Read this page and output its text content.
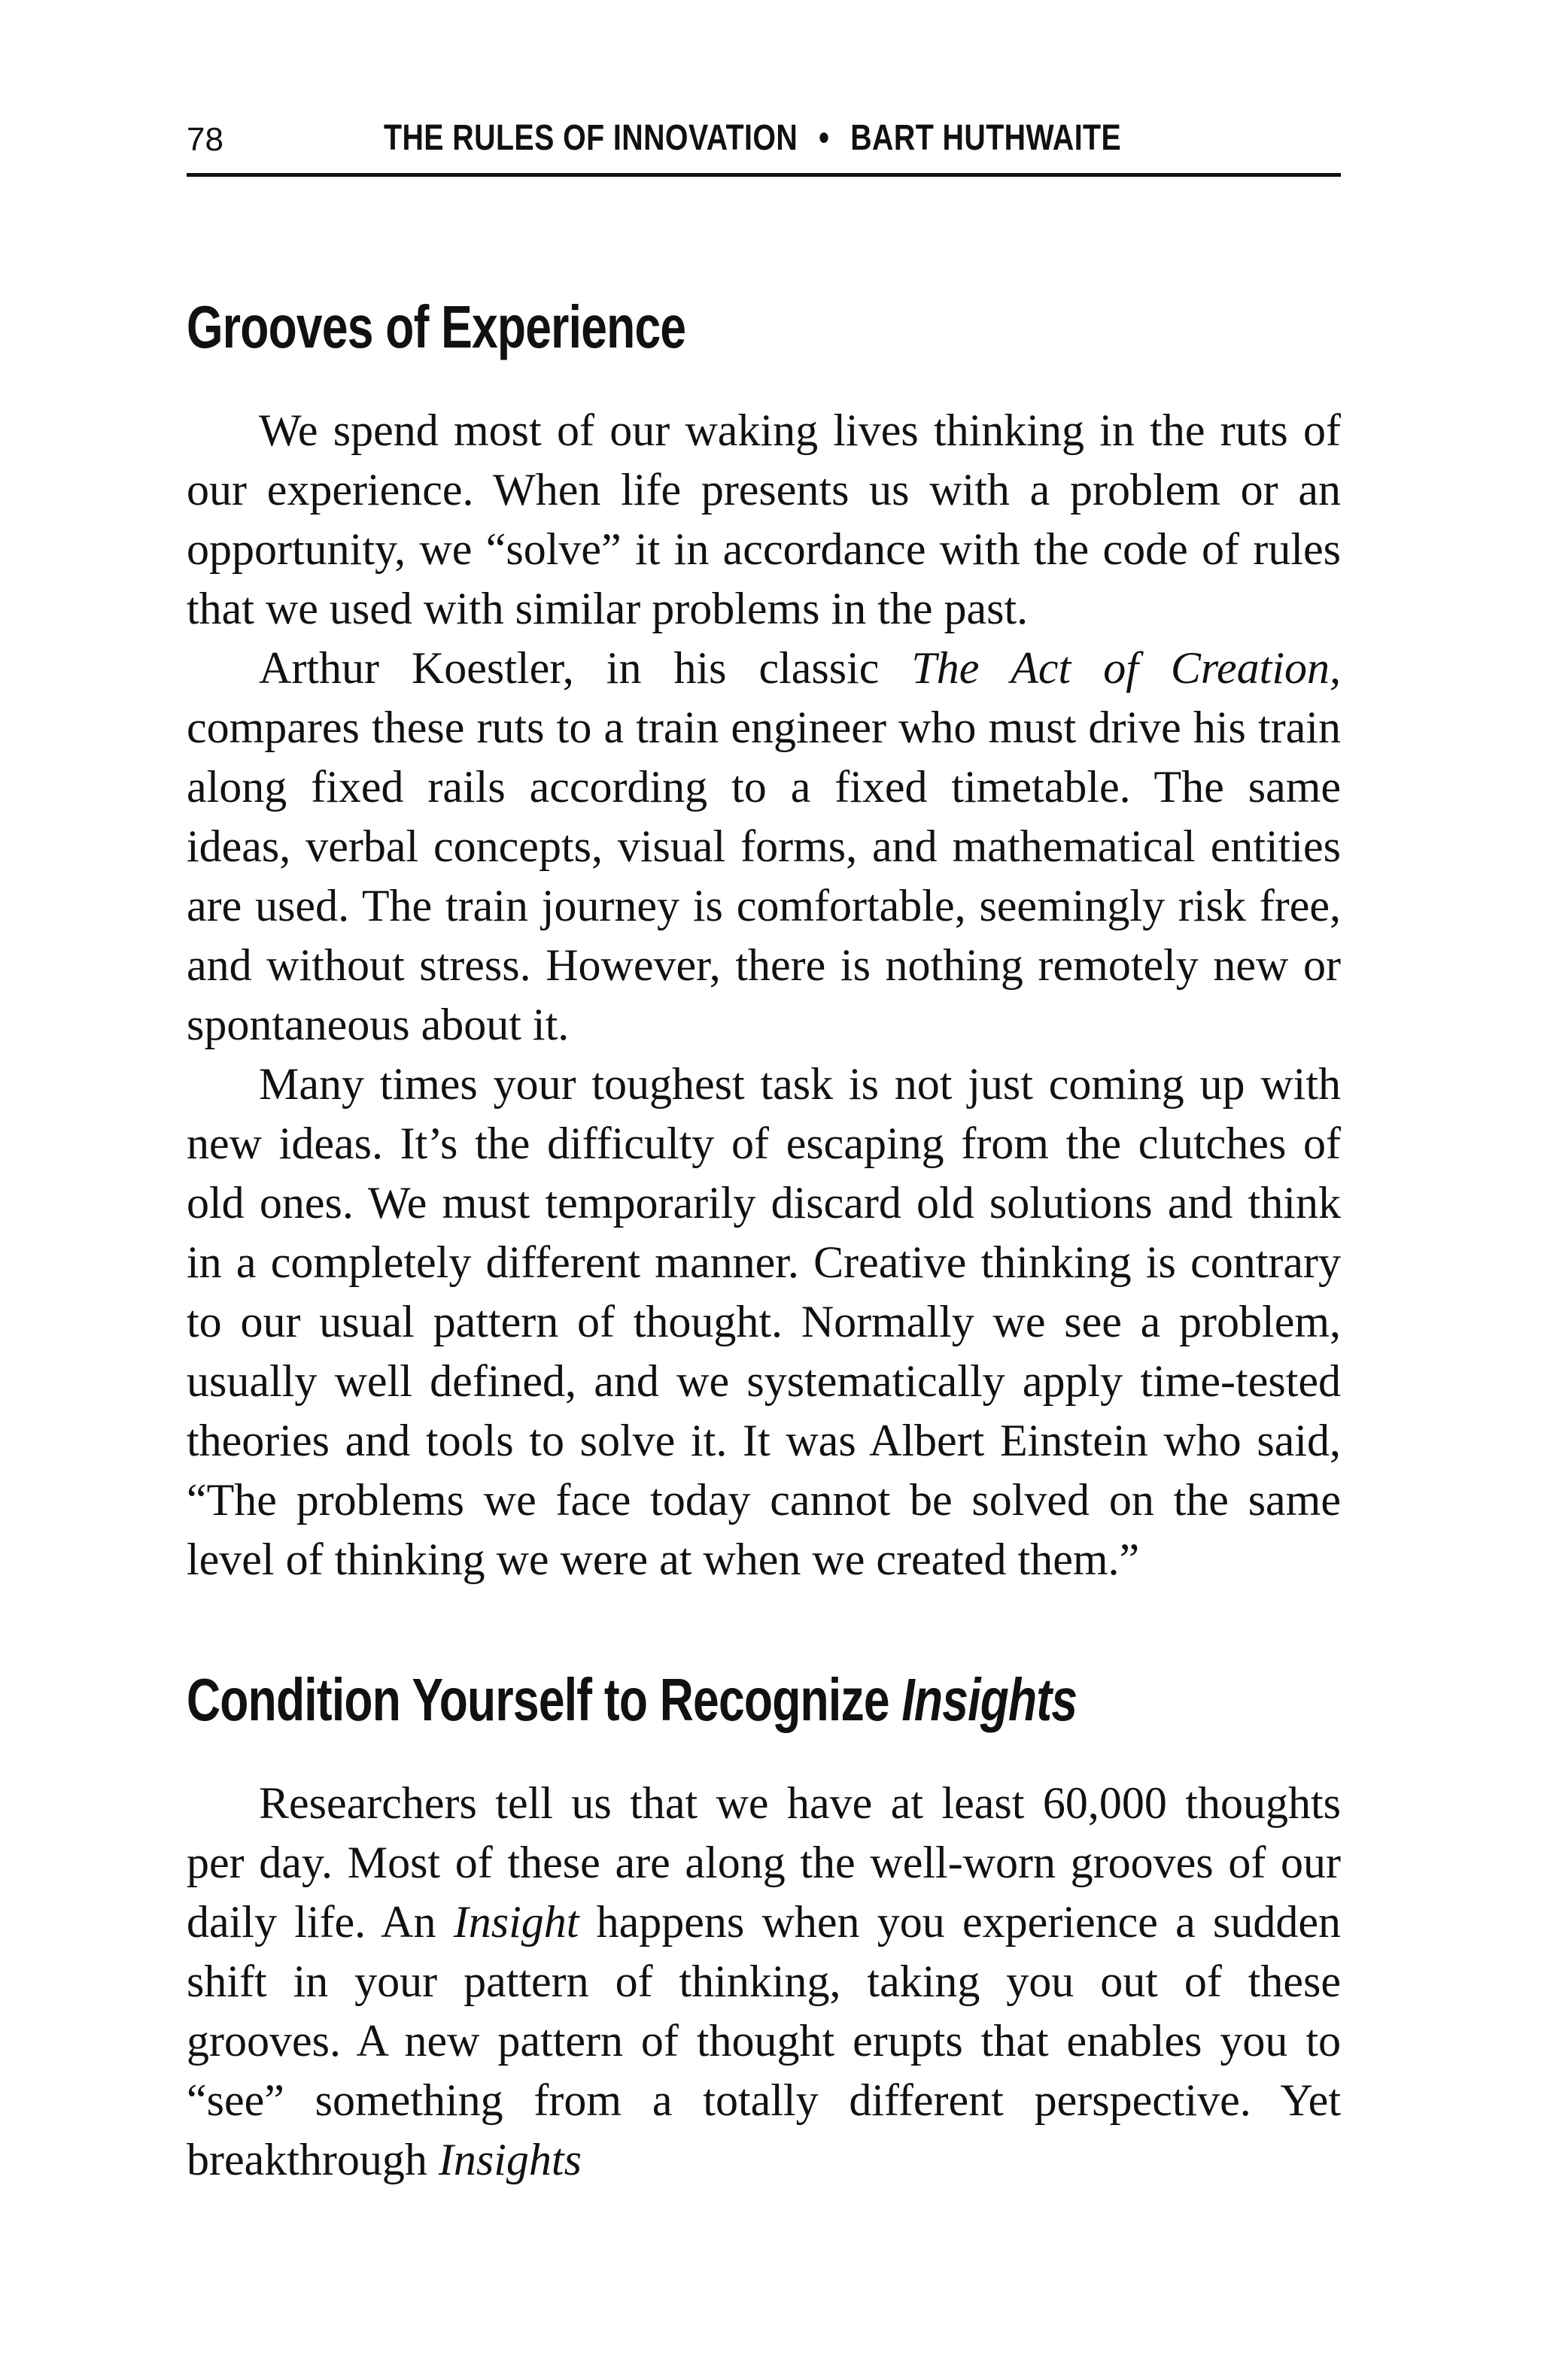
78	THE RULES OF INNOVATION • BART HUTHWAITE
Grooves of Experience

We spend most of our waking lives thinking in the ruts of our experience. When life presents us with a problem or an opportunity, we “solve” it in accordance with the code of rules that we used with similar problems in the past.

Arthur Koestler, in his classic The Act of Creation, compares these ruts to a train engineer who must drive his train along fixed rails according to a fixed timetable. The same ideas, verbal concepts, visual forms, and mathematical entities are used. The train journey is comfortable, seemingly risk free, and without stress. However, there is nothing remotely new or spontaneous about it.

Many times your toughest task is not just coming up with new ideas. It’s the difficulty of escaping from the clutches of old ones. We must temporarily discard old solutions and think in a completely different manner. Creative thinking is contrary to our usual pattern of thought. Normally we see a problem, usually well defined, and we systematically apply time-tested theories and tools to solve it. It was Albert Einstein who said, “The problems we face today cannot be solved on the same level of thinking we were at when we created them.”

Condition Yourself to Recognize Insights

Researchers tell us that we have at least 60,000 thoughts per day. Most of these are along the well-worn grooves of our daily life. An Insight happens when you experience a sudden shift in your pattern of thinking, taking you out of these grooves. A new pattern of thought erupts that enables you to “see” something from a totally different perspective. Yet breakthrough Insights
